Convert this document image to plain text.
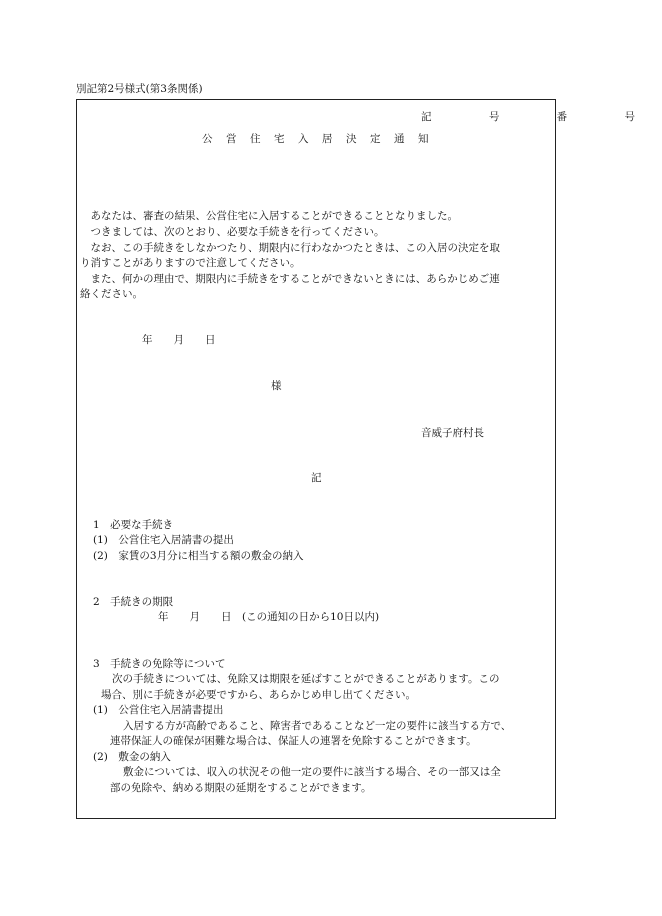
別記第2号様式(第3条関係)
記 号 番 号
公営住宅入居決定通知
　あなたは、審査の結果、公営住宅に入居することができることとなりました。
　つきましては、次のとおり、必要な手続きを行ってください。
　なお、この手続きをしなかつたり、期限内に行わなかつたときは、この入居の決定を取
り消すことがありますので注意してください。
　また、何かの理由で、期限内に手続きをすることができないときには、あらかじめご連
絡ください。
年　　月　　日
様
音威子府村長
記
1　必要な手続き
(1)　公営住宅入居請書の提出
(2)　家賃の3月分に相当する額の敷金の納入
2　手続きの期限
年　　月　　日　(この通知の日から10日以内)
3　手続きの免除等について
次の手続きについては、免除又は期限を延ばすことができることがあります。この
場合、別に手続きが必要ですから、あらかじめ申し出てください。
(1)　公営住宅入居請書提出
入居する方が高齢であること、障害者であることなど一定の要件に該当する方で、
連帯保証人の確保が困難な場合は、保証人の連署を免除することができます。
(2)　敷金の納入
敷金については、収入の状況その他一定の要件に該当する場合、その一部又は全
部の免除や、納める期限の延期をすることができます。
